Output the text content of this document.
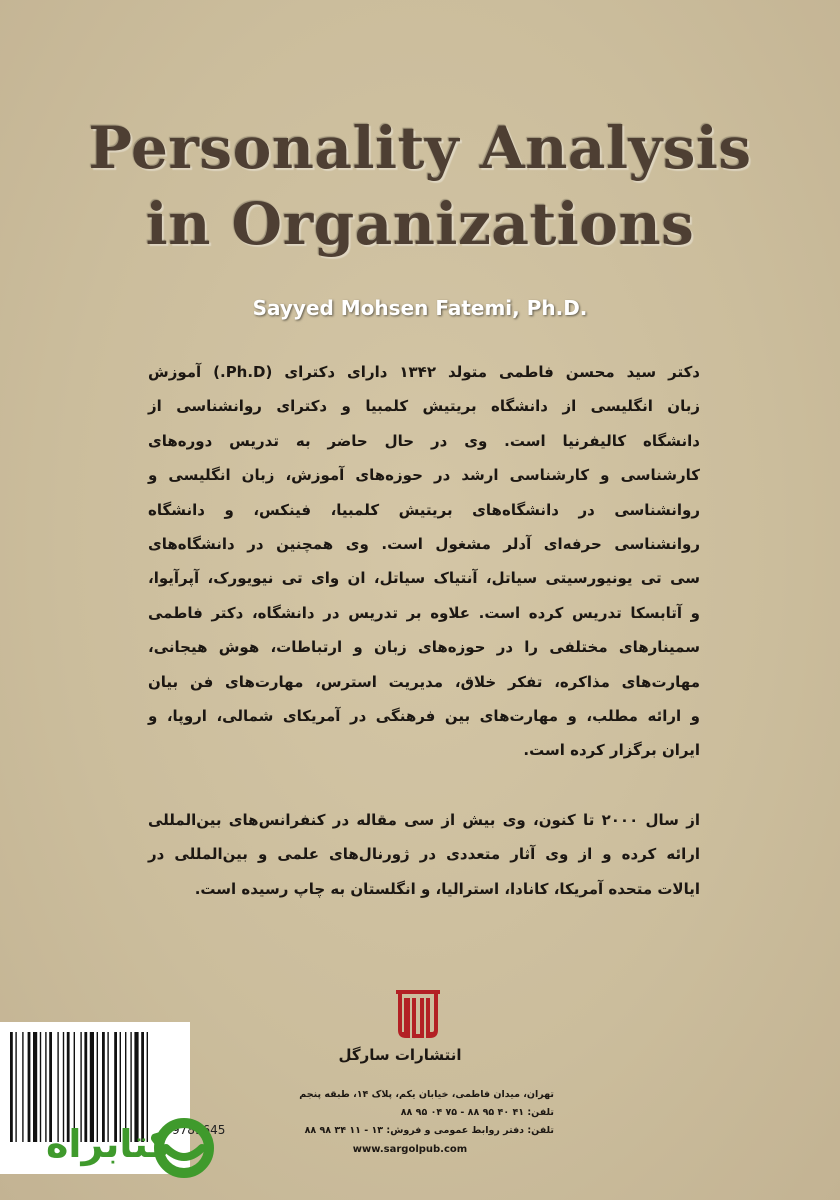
Personality Analysis
in Organizations
Sayyed Mohsen Fatemi, Ph.D.
دکتر سید محسن فاطمی متولد ۱۳۴۲ دارای دکترای (Ph.D.) آموزش
زبان انگلیسی از دانشگاه بریتیش کلمبیا و دکترای روانشناسی از
دانشگاه کالیفرنیا است. وی در حال حاضر به تدریس دوره‌های
کارشناسی و کارشناسی ارشد در حوزه‌های آموزش، زبان انگلیسی و
روانشناسی در دانشگاه‌های بریتیش کلمبیا، فینکس، و دانشگاه
روانشناسی حرفه‌ای آدلر مشغول است. وی همچنین در دانشگاه‌های
سی تی یونیورسیتی سیاتل، آنتیاک سیاتل، ان وای تی نیویورک، آپرآیوا،
و آتابسکا تدریس کرده است. علاوه بر تدریس در دانشگاه، دکتر فاطمی
سمینارهای مختلفی را در حوزه‌های زبان و ارتباطات، هوش هیجانی،
مهارت‌های مذاکره، تفکر خلاق، مدیریت استرس، مهارت‌های فن بیان
و ارائه مطلب، و مهارت‌های بین فرهنگی در آمریکای شمالی، اروپا، و
ایران برگزار کرده است.
از سال ۲۰۰۰ تا کنون، وی بیش از سی مقاله در کنفرانس‌های بین‌المللی
ارائه کرده و از وی آثار متعددی در ژورنال‌های علمی و بین‌المللی در
ایالات متحده آمریکا، کانادا، استرالیا، و انگلستان به چاپ رسیده است.
انتشارات سارگل
تهران، میدان فاطمی، خیابان یکم، پلاک ۱۴، طبقه پنجم
تلفن: ۴۱ ۴۰ ۹۵ ۸۸ - ۷۵ ۰۴ ۹۵ ۸۸
تلفن: دفتر روابط عمومی و فروش: ۱۳ - ۱۱ ۳۴ ۹۸ ۸۸
www.sargolpub.com
9789645
کتابراه
